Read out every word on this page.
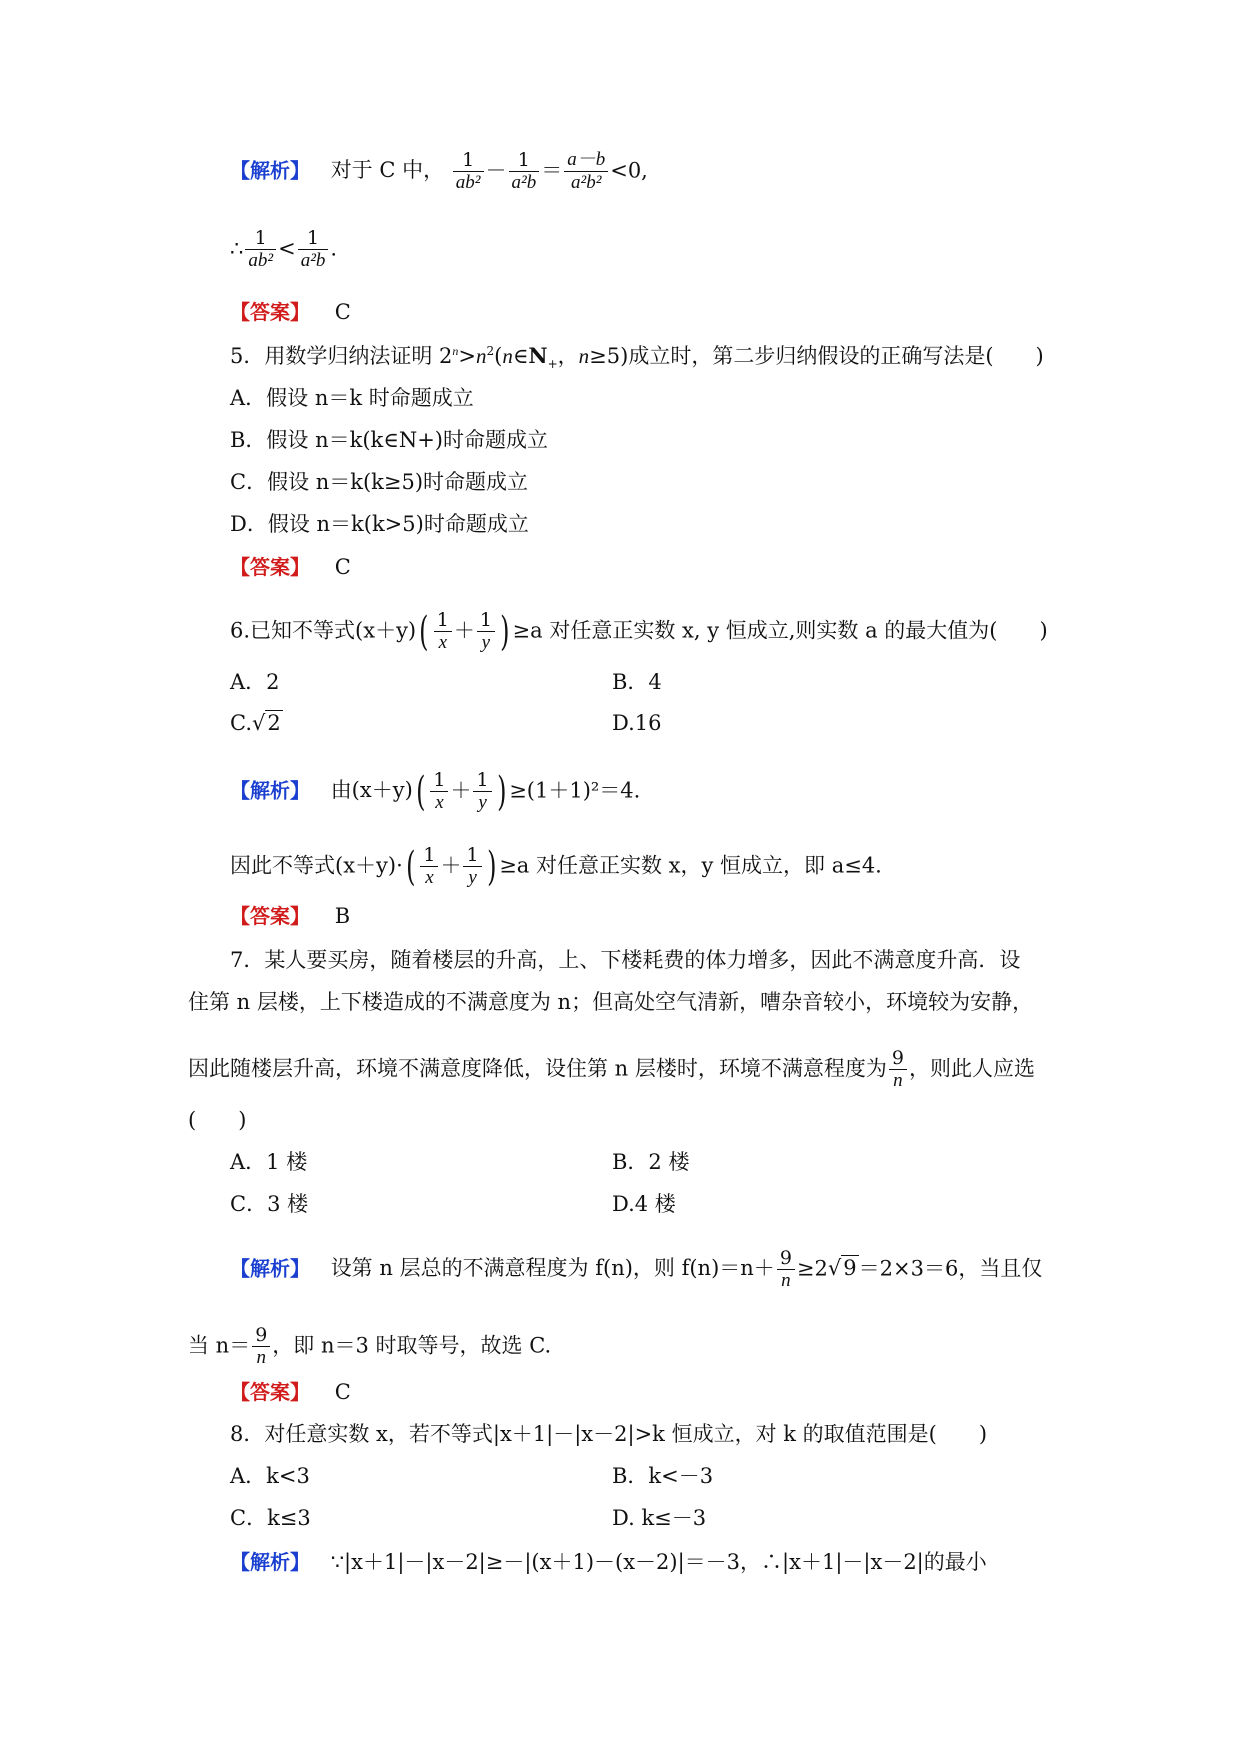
【解析】 对于 C 中， $\frac{1}{\text{ab²}} - \frac{1}{\text{a²b}} = \frac{a-b}{\text{a²b²}} <0$,
∴ $\frac{1}{\text{ab²}} < \frac{1}{\text{a²b}}$ .
【答案】 C
5．用数学归纳法证明 $2^n>n^2(n\in N_+$，n≥5)成立时，第二步归纳假设的正确写法是(　　)
A．假设 n＝k 时命题成立
B．假设 n＝k(k∈N+)时命题成立
C．假设 n＝k(k≥5)时命题成立
D．假设 n＝k(k>5)时命题成立
【答案】 C
6.已知不等式$(x+y)( \frac{1}{x} + \frac{1}{y}$ ) ≥a 对任意正实数 x, y 恒成立,则实数 a 的最大值为(　　)
A．2	B．4
C.√2	D.16
【解析】 由$(x+y)( \frac{1}{x} + \frac{1}{y}$ ) ≥(1＋1)²＝4.
因此不等式$(x+y)\cdot( \frac{1}{x} + \frac{1}{y}$ ) ≥a 对任意正实数 x，y 恒成立，即 a≤4.
【答案】 B
7．某人要买房，随着楼层的升高，上、下楼耗费的体力增多，因此不满意度升高．设
住第 n 层楼，上下楼造成的不满意度为 n；但高处空气清新，嘈杂音较小，环境较为安静，
因此随楼层升高，环境不满意度降低，设住第 n 层楼时，环境不满意程度为 $\frac{9}{n}$ ，则此人应选
(　　)
A．1 楼	B．2 楼
C．3 楼	D.4 楼
【解析】 设第 n 层总的不满意程度为 f(n)，则 $f(n)=n+ \frac{9}{n} \ge 2√9=2\times 3=6$，当且仅
当 $n= \frac{9}{n}$ ，即 n＝3 时取等号，故选 C.
【答案】 C
8．对任意实数 x，若不等式|x＋1|－|x－2|>k 恒成立，对 k 的取值范围是(　　)
A．k<3	B．k<－3
C．k≤3	D. k≤－3
【解析】 ∵|x＋1|－|x－2|≥－|(x＋1)－(x－2)|＝－3，∴|x＋1|－|x－2|的最小
